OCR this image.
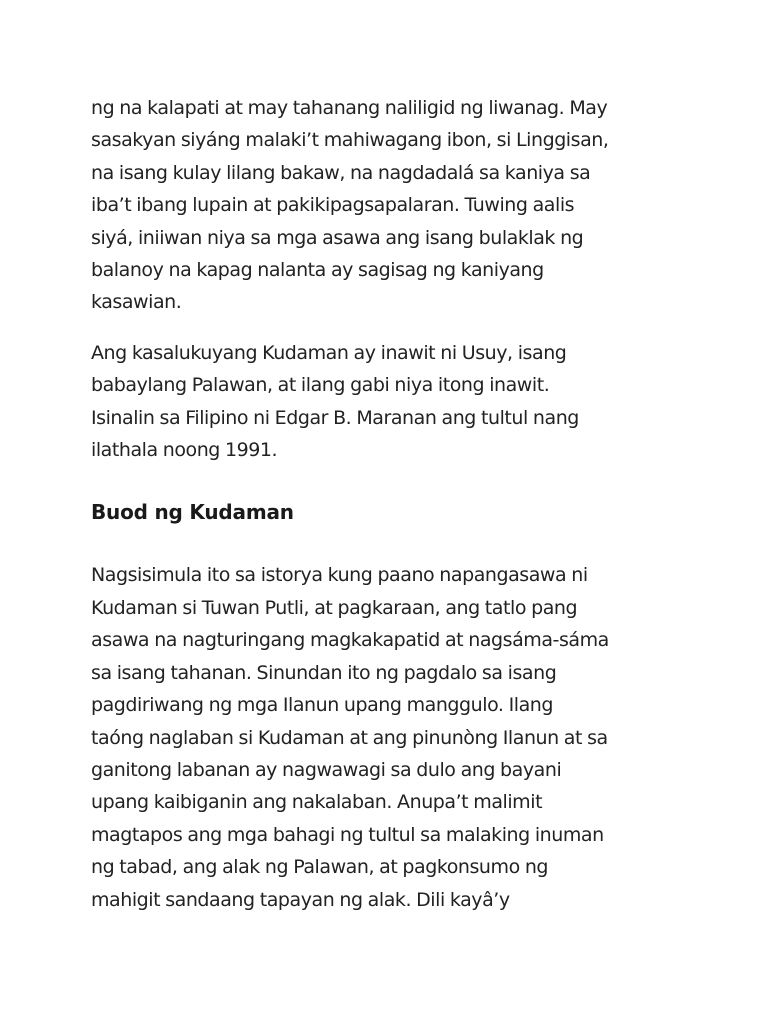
ng na kalapati at may tahanang naliligid ng liwanag. May
sasakyan siyáng malaki’t mahiwagang ibon, si Linggisan,
na isang kulay lilang bakaw, na nagdadalá sa kaniya sa
iba’t ibang lupain at pakikipagsapalaran. Tuwing aalis
siyá, iniiwan niya sa mga asawa ang isang bulaklak ng
balanoy na kapag nalanta ay sagisag ng kaniyang
kasawian.

Ang kasalukuyang Kudaman ay inawit ni Usuy, isang
babaylang Palawan, at ilang gabi niya itong inawit.
Isinalin sa Filipino ni Edgar B. Maranan ang tultul nang
ilathala noong 1991.

Buod ng Kudaman

Nagsisimula ito sa istorya kung paano napangasawa ni
Kudaman si Tuwan Putli, at pagkaraan, ang tatlo pang
asawa na nagturingang magkakapatid at nagsáma-sáma
sa isang tahanan. Sinundan ito ng pagdalo sa isang
pagdiriwang ng mga Ilanun upang manggulo. Ilang
taóng naglaban si Kudaman at ang pinunòng Ilanun at sa
ganitong labanan ay nagwawagi sa dulo ang bayani
upang kaibiganin ang nakalaban. Anupa’t malimit
magtapos ang mga bahagi ng tultul sa malaking inuman
ng tabad, ang alak ng Palawan, at pagkonsumo ng
mahigit sandaang tapayan ng alak. Dili kayâ’y
